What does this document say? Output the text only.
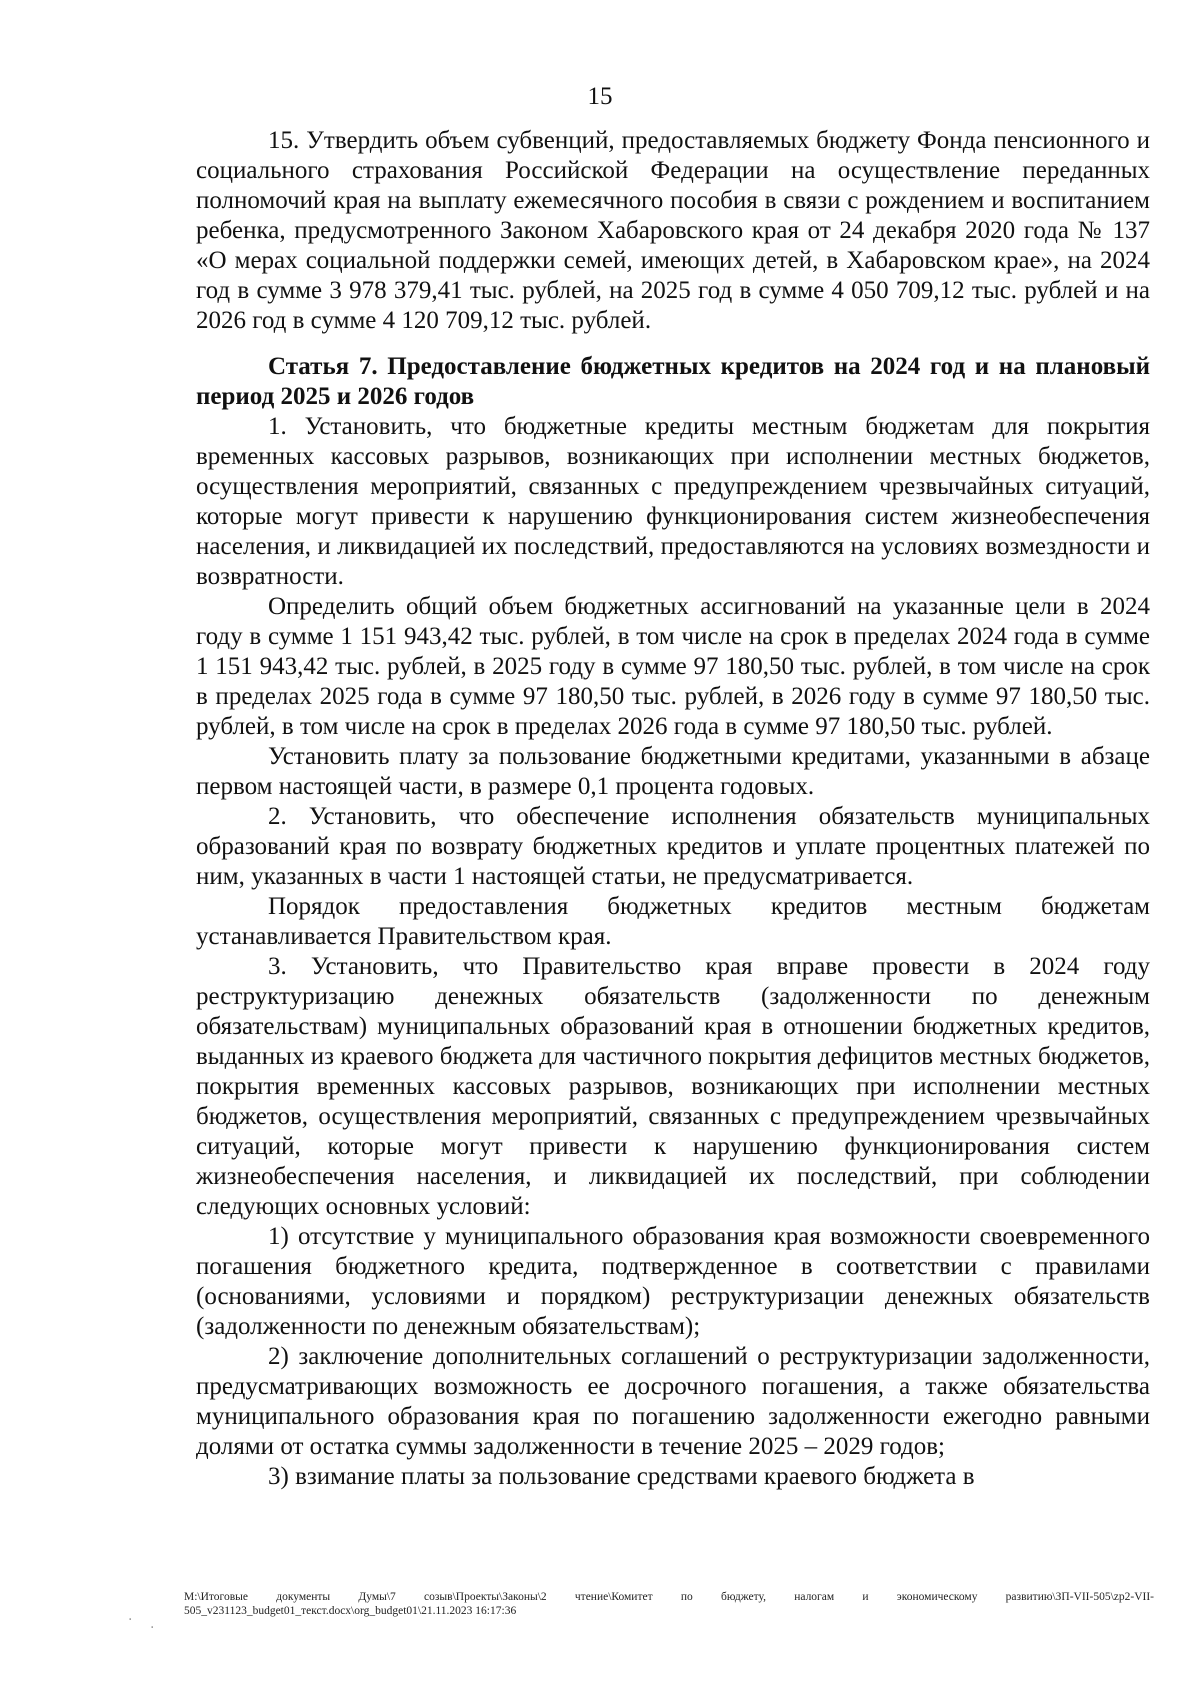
15

15. Утвердить объем субвенций, предоставляемых бюджету Фонда пенсионного и социального страхования Российской Федерации на осуществление переданных полномочий края на выплату ежемесячного пособия в связи с рождением и воспитанием ребенка, предусмотренного Законом Хабаровского края от 24 декабря 2020 года № 137 «О мерах социальной поддержки семей, имеющих детей, в Хабаровском крае», на 2024 год в сумме 3 978 379,41 тыс. рублей, на 2025 год в сумме 4 050 709,12 тыс. рублей и на 2026 год в сумме 4 120 709,12 тыс. рублей.

Статья 7. Предоставление бюджетных кредитов на 2024 год и на плановый период 2025 и 2026 годов

1. Установить, что бюджетные кредиты местным бюджетам для покрытия временных кассовых разрывов, возникающих при исполнении местных бюджетов, осуществления мероприятий, связанных с предупреждением чрезвычайных ситуаций, которые могут привести к нарушению функционирования систем жизнеобеспечения населения, и ликвидацией их последствий, предоставляются на условиях возмездности и возвратности.

Определить общий объем бюджетных ассигнований на указанные цели в 2024 году в сумме 1 151 943,42 тыс. рублей, в том числе на срок в пределах 2024 года в сумме 1 151 943,42 тыс. рублей, в 2025 году в сумме 97 180,50 тыс. рублей, в том числе на срок в пределах 2025 года в сумме 97 180,50 тыс. рублей, в 2026 году в сумме 97 180,50 тыс. рублей, в том числе на срок в пределах 2026 года в сумме 97 180,50 тыс. рублей.

Установить плату за пользование бюджетными кредитами, указанными в абзаце первом настоящей части, в размере 0,1 процента годовых.

2. Установить, что обеспечение исполнения обязательств муниципальных образований края по возврату бюджетных кредитов и уплате процентных платежей по ним, указанных в части 1 настоящей статьи, не предусматривается.

Порядок предоставления бюджетных кредитов местным бюджетам устанавливается Правительством края.

3. Установить, что Правительство края вправе провести в 2024 году реструктуризацию денежных обязательств (задолженности по денежным обязательствам) муниципальных образований края в отношении бюджетных кредитов, выданных из краевого бюджета для частичного покрытия дефицитов местных бюджетов, покрытия временных кассовых разрывов, возникающих при исполнении местных бюджетов, осуществления мероприятий, связанных с предупреждением чрезвычайных ситуаций, которые могут привести к нарушению функционирования систем жизнеобеспечения населения, и ликвидацией их последствий, при соблюдении следующих основных условий:

1) отсутствие у муниципального образования края возможности своевременного погашения бюджетного кредита, подтвержденное в соответствии с правилами (основаниями, условиями и порядком) реструктуризации денежных обязательств (задолженности по денежным обязательствам);

2) заключение дополнительных соглашений о реструктуризации задолженности, предусматривающих возможность ее досрочного погашения, а также обязательства муниципального образования края по погашению задолженности ежегодно равными долями от остатка суммы задолженности в течение 2025 – 2029 годов;

3) взимание платы за пользование средствами краевого бюджета в

M:\Итоговые документы Думы\7 созыв\Проекты\Законы\2 чтение\Комитет по бюджету, налогам и экономическому развитию\ЗП-VII-505\zp2-VII-505_v231123_budget01_текст.docx\org_budget01\21.11.2023 16:17:36
· ·
